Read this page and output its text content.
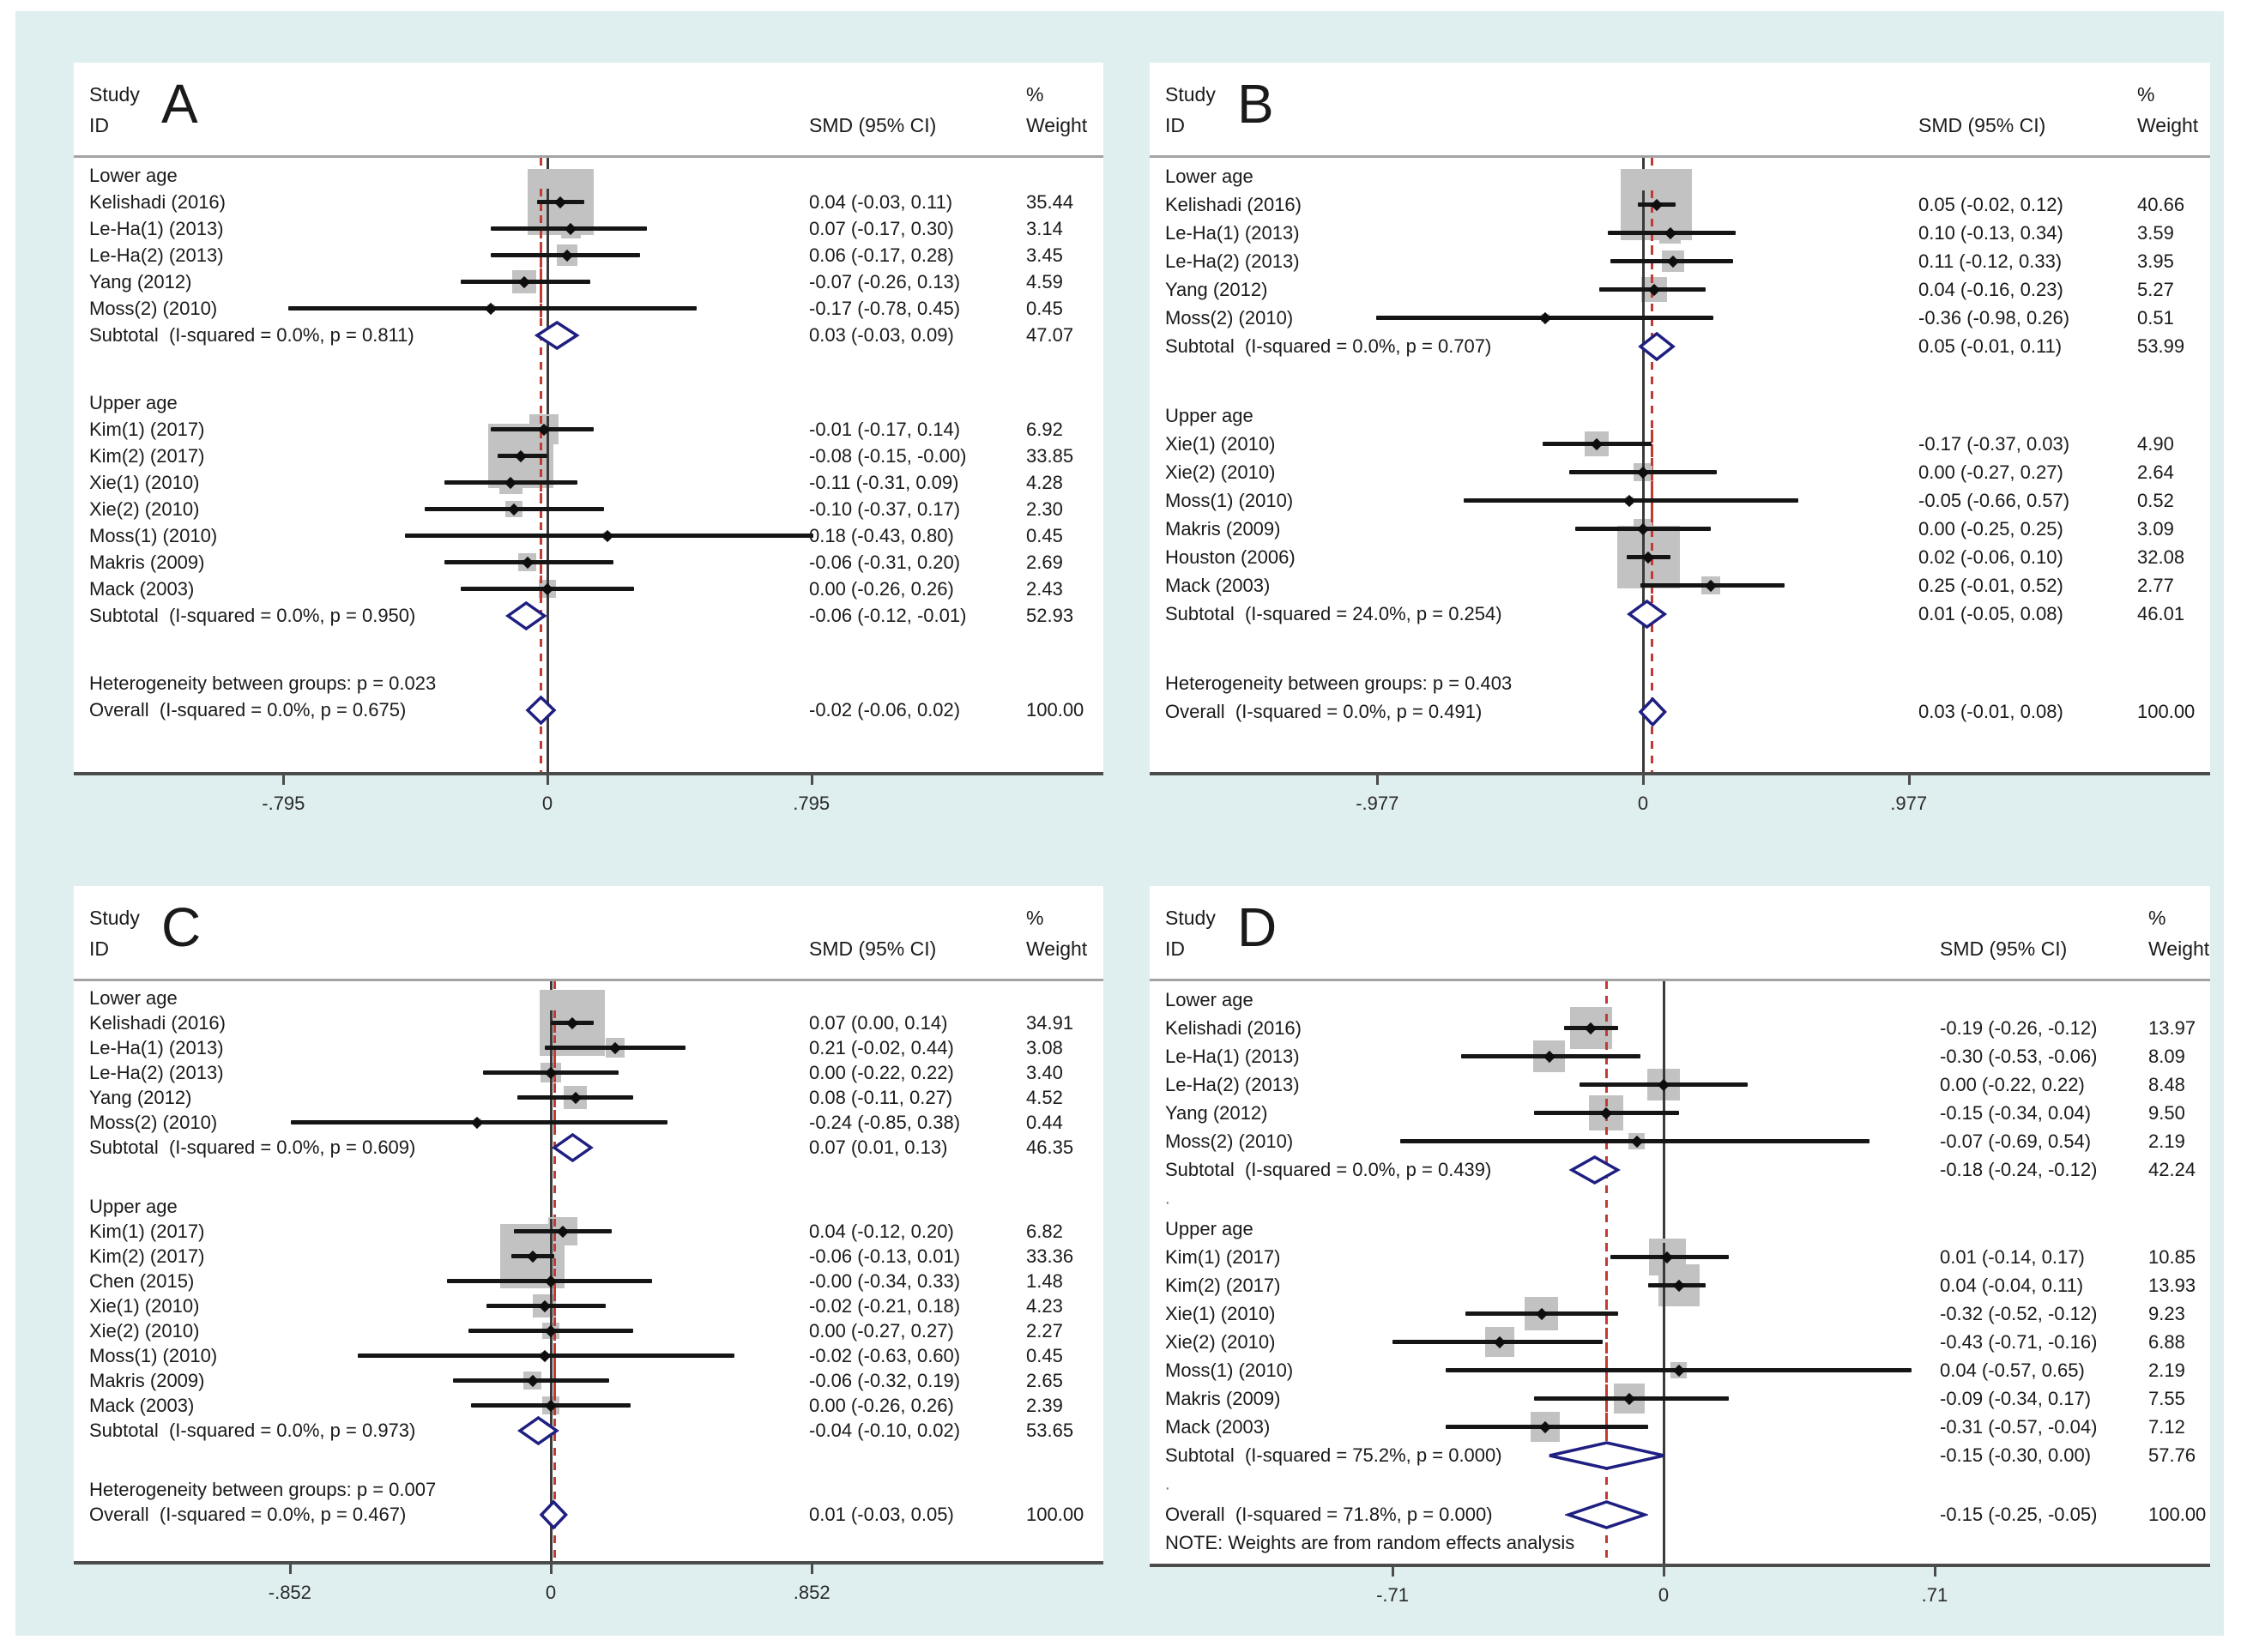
Study
ID A	%
SMD (95% CI)	Weight
Lower age
Kelishadi (2016)	0.04 (-0.03, 0.11)	35.44
Le-Ha(1) (2013)	0.07 (-0.17, 0.30)	3.14
Le-Ha(2) (2013)	0.06 (-0.17, 0.28)	3.45
Yang (2012)	-0.07 (-0.26, 0.13)	4.59
Moss(2) (2010)	-0.17 (-0.78, 0.45)	0.45
Subtotal  (I-squared = 0.0%, p = 0.811)	0.03 (-0.03, 0.09)	47.07
Upper age
Kim(1) (2017)	-0.01 (-0.17, 0.14)	6.92
Kim(2) (2017)	-0.08 (-0.15, -0.00)	33.85
Xie(1) (2010)	-0.11 (-0.31, 0.09)	4.28
Xie(2) (2010)	-0.10 (-0.37, 0.17)	2.30
Moss(1) (2010)	0.18 (-0.43, 0.80)	0.45
Makris (2009)	-0.06 (-0.31, 0.20)	2.69
Mack (2003)	0.00 (-0.26, 0.26)	2.43
Subtotal  (I-squared = 0.0%, p = 0.950)	-0.06 (-0.12, -0.01)	52.93
Heterogeneity between groups: p = 0.023
Overall  (I-squared = 0.0%, p = 0.675)	-0.02 (-0.06, 0.02)	100.00
-.795	0	.795
Study
ID B	%
SMD (95% CI)	Weight
Lower age
Kelishadi (2016)	0.05 (-0.02, 0.12)	40.66
Le-Ha(1) (2013)	0.10 (-0.13, 0.34)	3.59
Le-Ha(2) (2013)	0.11 (-0.12, 0.33)	3.95
Yang (2012)	0.04 (-0.16, 0.23)	5.27
Moss(2) (2010)	-0.36 (-0.98, 0.26)	0.51
Subtotal  (I-squared = 0.0%, p = 0.707)	0.05 (-0.01, 0.11)	53.99
Upper age
Xie(1) (2010)	-0.17 (-0.37, 0.03)	4.90
Xie(2) (2010)	0.00 (-0.27, 0.27)	2.64
Moss(1) (2010)	-0.05 (-0.66, 0.57)	0.52
Makris (2009)	0.00 (-0.25, 0.25)	3.09
Houston (2006)	0.02 (-0.06, 0.10)	32.08
Mack (2003)	0.25 (-0.01, 0.52)	2.77
Subtotal  (I-squared = 24.0%, p = 0.254)	0.01 (-0.05, 0.08)	46.01
Heterogeneity between groups: p = 0.403
Overall  (I-squared = 0.0%, p = 0.491)	0.03 (-0.01, 0.08)	100.00
-.977	0	.977
Study
ID C	%
SMD (95% CI)	Weight
Lower age
Kelishadi (2016)	0.07 (0.00, 0.14)	34.91
Le-Ha(1) (2013)	0.21 (-0.02, 0.44)	3.08
Le-Ha(2) (2013)	0.00 (-0.22, 0.22)	3.40
Yang (2012)	0.08 (-0.11, 0.27)	4.52
Moss(2) (2010)	-0.24 (-0.85, 0.38)	0.44
Subtotal  (I-squared = 0.0%, p = 0.609)	0.07 (0.01, 0.13)	46.35
Upper age
Kim(1) (2017)	0.04 (-0.12, 0.20)	6.82
Kim(2) (2017)	-0.06 (-0.13, 0.01)	33.36
Chen (2015)	-0.00 (-0.34, 0.33)	1.48
Xie(1) (2010)	-0.02 (-0.21, 0.18)	4.23
Xie(2) (2010)	0.00 (-0.27, 0.27)	2.27
Moss(1) (2010)	-0.02 (-0.63, 0.60)	0.45
Makris (2009)	-0.06 (-0.32, 0.19)	2.65
Mack (2003)	0.00 (-0.26, 0.26)	2.39
Subtotal  (I-squared = 0.0%, p = 0.973)	-0.04 (-0.10, 0.02)	53.65
Heterogeneity between groups: p = 0.007
Overall  (I-squared = 0.0%, p = 0.467)	0.01 (-0.03, 0.05)	100.00
-.852	0	.852
Study
ID D	%
SMD (95% CI)	Weight
Lower age
Kelishadi (2016)	-0.19 (-0.26, -0.12)	13.97
Le-Ha(1) (2013)	-0.30 (-0.53, -0.06)	8.09
Le-Ha(2) (2013)	0.00 (-0.22, 0.22)	8.48
Yang (2012)	-0.15 (-0.34, 0.04)	9.50
Moss(2) (2010)	-0.07 (-0.69, 0.54)	2.19
Subtotal  (I-squared = 0.0%, p = 0.439)	-0.18 (-0.24, -0.12)	42.24
.
Upper age
Kim(1) (2017)	0.01 (-0.14, 0.17)	10.85
Kim(2) (2017)	0.04 (-0.04, 0.11)	13.93
Xie(1) (2010)	-0.32 (-0.52, -0.12)	9.23
Xie(2) (2010)	-0.43 (-0.71, -0.16)	6.88
Moss(1) (2010)	0.04 (-0.57, 0.65)	2.19
Makris (2009)	-0.09 (-0.34, 0.17)	7.55
Mack (2003)	-0.31 (-0.57, -0.04)	7.12
Subtotal  (I-squared = 75.2%, p = 0.000)	-0.15 (-0.30, 0.00)	57.76
.
Overall  (I-squared = 71.8%, p = 0.000)	-0.15 (-0.25, -0.05)	100.00
NOTE: Weights are from random effects analysis
-.71	0	.71
